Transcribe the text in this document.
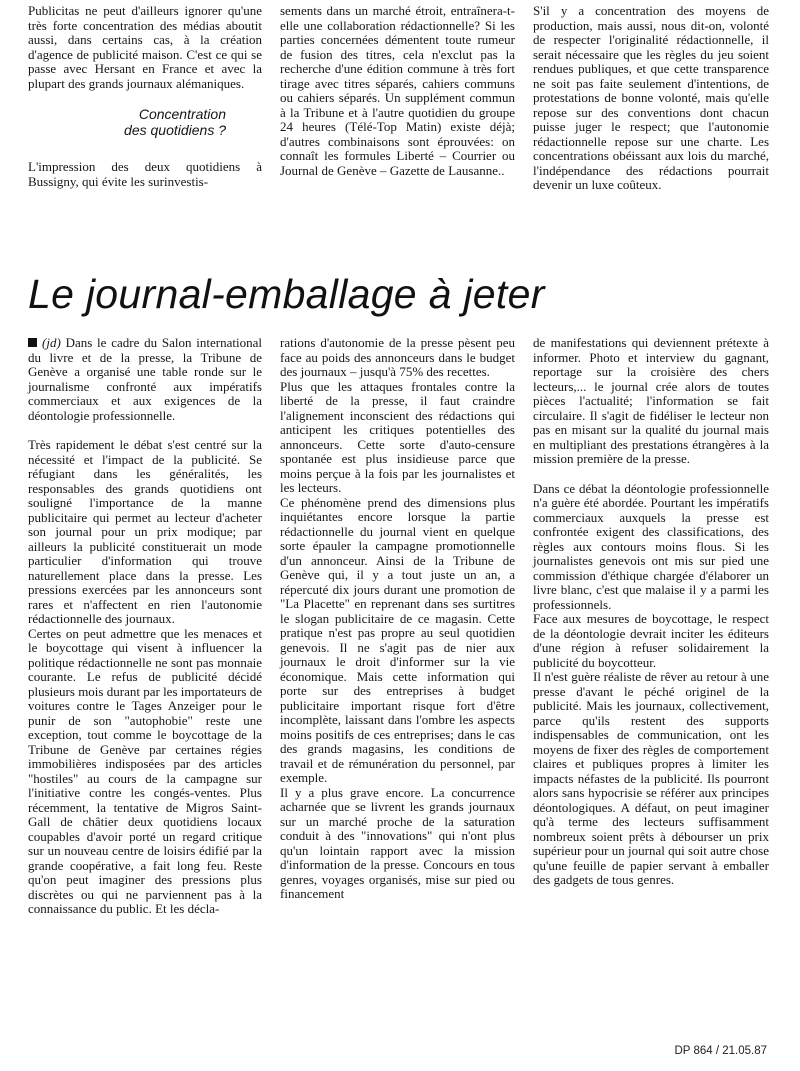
Publicitas ne peut d'ailleurs ignorer qu'une très forte concentration des médias aboutit aussi, dans certains cas, à la création d'agence de publicité maison. C'est ce qui se passe avec Hersant en France et avec la plupart des grands journaux alémaniques.

Concentration
des quotidiens ?

L'impression des deux quotidiens à Bussigny, qui évite les surinvestis-

sements dans un marché étroit, entraînera-t-elle une collaboration rédactionnelle? Si les parties concernées démentent toute rumeur de fusion des titres, cela n'exclut pas la recherche d'une édition commune à très fort tirage avec titres séparés, cahiers communs ou cahiers séparés. Un supplément commun à la Tribune et à l'autre quotidien du groupe 24 heures (Télé-Top Matin) existe déjà; d'autres combinaisons sont éprouvées: on connaît les formules Liberté – Courrier ou Journal de Genève – Gazette de Lausanne..

S'il y a concentration des moyens de production, mais aussi, nous dit-on, volonté de respecter l'originalité rédactionnelle, il serait nécessaire que les règles du jeu soient rendues publiques, et que cette transparence ne soit pas faite seulement d'intentions, de protestations de bonne volonté, mais qu'elle repose sur des conventions dont chacun puisse juger le respect; que l'autonomie rédactionnelle repose sur une charte. Les concentrations obéissant aux lois du marché, l'indépendance des rédactions pourrait devenir un luxe coûteux.

Le journal-emballage à jeter

(jd) Dans le cadre du Salon international du livre et de la presse, la Tribune de Genève a organisé une table ronde sur le journalisme confronté aux impératifs commerciaux et aux exigences de la déontologie professionnelle.

Très rapidement le débat s'est centré sur la nécessité et l'impact de la publicité. Se réfugiant dans les généralités, les responsables des grands quotidiens ont souligné l'importance de la manne publicitaire qui permet au lecteur d'acheter son journal pour un prix modique; par ailleurs la publicité constituerait un mode particulier d'information qui trouve naturellement place dans la presse. Les pressions exercées par les annonceurs sont rares et n'affectent en rien l'autonomie rédactionnelle des journaux.

Certes on peut admettre que les menaces et le boycottage qui visent à influencer la politique rédactionnelle ne sont pas monnaie courante. Le refus de publicité décidé plusieurs mois durant par les importateurs de voitures contre le Tages Anzeiger pour le punir de son "autophobie" reste une exception, tout comme le boycottage de la Tribune de Genève par certaines régies immobilières indisposées par des articles "hostiles" au cours de la campagne sur l'initiative contre les congés-ventes. Plus récemment, la tentative de Migros Saint-Gall de châtier deux quotidiens locaux coupables d'avoir porté un regard critique sur un nouveau centre de loisirs édifié par la grande coopérative, a fait long feu. Reste qu'on peut imaginer des pressions plus discrètes ou qui ne parviennent pas à la connaissance du public. Et les décla-

rations d'autonomie de la presse pèsent peu face au poids des annonceurs dans le budget des journaux – jusqu'à 75% des recettes.

Plus que les attaques frontales contre la liberté de la presse, il faut craindre l'alignement inconscient des rédactions qui anticipent les critiques potentielles des annonceurs. Cette sorte d'auto-censure spontanée est plus insidieuse parce que moins perçue à la fois par les journalistes et les lecteurs.

Ce phénomène prend des dimensions plus inquiétantes encore lorsque la partie rédactionnelle du journal vient en quelque sorte épauler la campagne promotionnelle d'un annonceur. Ainsi de la Tribune de Genève qui, il y a tout juste un an, a répercuté dix jours durant une promotion de "La Placette" en reprenant dans ses surtitres le slogan publicitaire de ce magasin. Cette pratique n'est pas propre au seul quotidien genevois. Il ne s'agit pas de nier aux journaux le droit d'informer sur la vie économique. Mais cette information qui porte sur des entreprises à budget publicitaire important risque fort d'être incomplète, laissant dans l'ombre les aspects moins positifs de ces entreprises; dans le cas des grands magasins, les conditions de travail et de rémunération du personnel, par exemple.

Il y a plus grave encore. La concurrence acharnée que se livrent les grands journaux sur un marché proche de la saturation conduit à des "innovations" qui n'ont plus qu'un lointain rapport avec la mission d'information de la presse. Concours en tous genres, voyages organisés, mise sur pied ou financement

de manifestations qui deviennent prétexte à informer. Photo et interview du gagnant, reportage sur la croisière des chers lecteurs,... le journal crée alors de toutes pièces l'actualité; l'information se fait circulaire. Il s'agit de fidéliser le lecteur non pas en misant sur la qualité du journal mais en multipliant des prestations étrangères à la mission première de la presse.

Dans ce débat la déontologie professionnelle n'a guère été abordée. Pourtant les impératifs commerciaux auxquels la presse est confrontée exigent des classifications, des règles aux contours moins flous. Si les journalistes genevois ont mis sur pied une commission d'éthique chargée d'élaborer un livre blanc, c'est que malaise il y a parmi les professionnels.

Face aux mesures de boycottage, le respect de la déontologie devrait inciter les éditeurs d'une région à refuser solidairement la publicité du boycotteur.

Il n'est guère réaliste de rêver au retour à une presse d'avant le péché originel de la publicité. Mais les journaux, collectivement, parce qu'ils restent des supports indispensables de communication, ont les moyens de fixer des règles de comportement claires et publiques propres à limiter les impacts néfastes de la publicité. Ils pourront alors sans hypocrisie se référer aux principes déontologiques. A défaut, on peut imaginer qu'à terme des lecteurs suffisamment nombreux soient prêts à débourser un prix supérieur pour un journal qui soit autre chose qu'une feuille de papier servant à emballer des gadgets de tous genres.

DP 864 / 21.05.87
